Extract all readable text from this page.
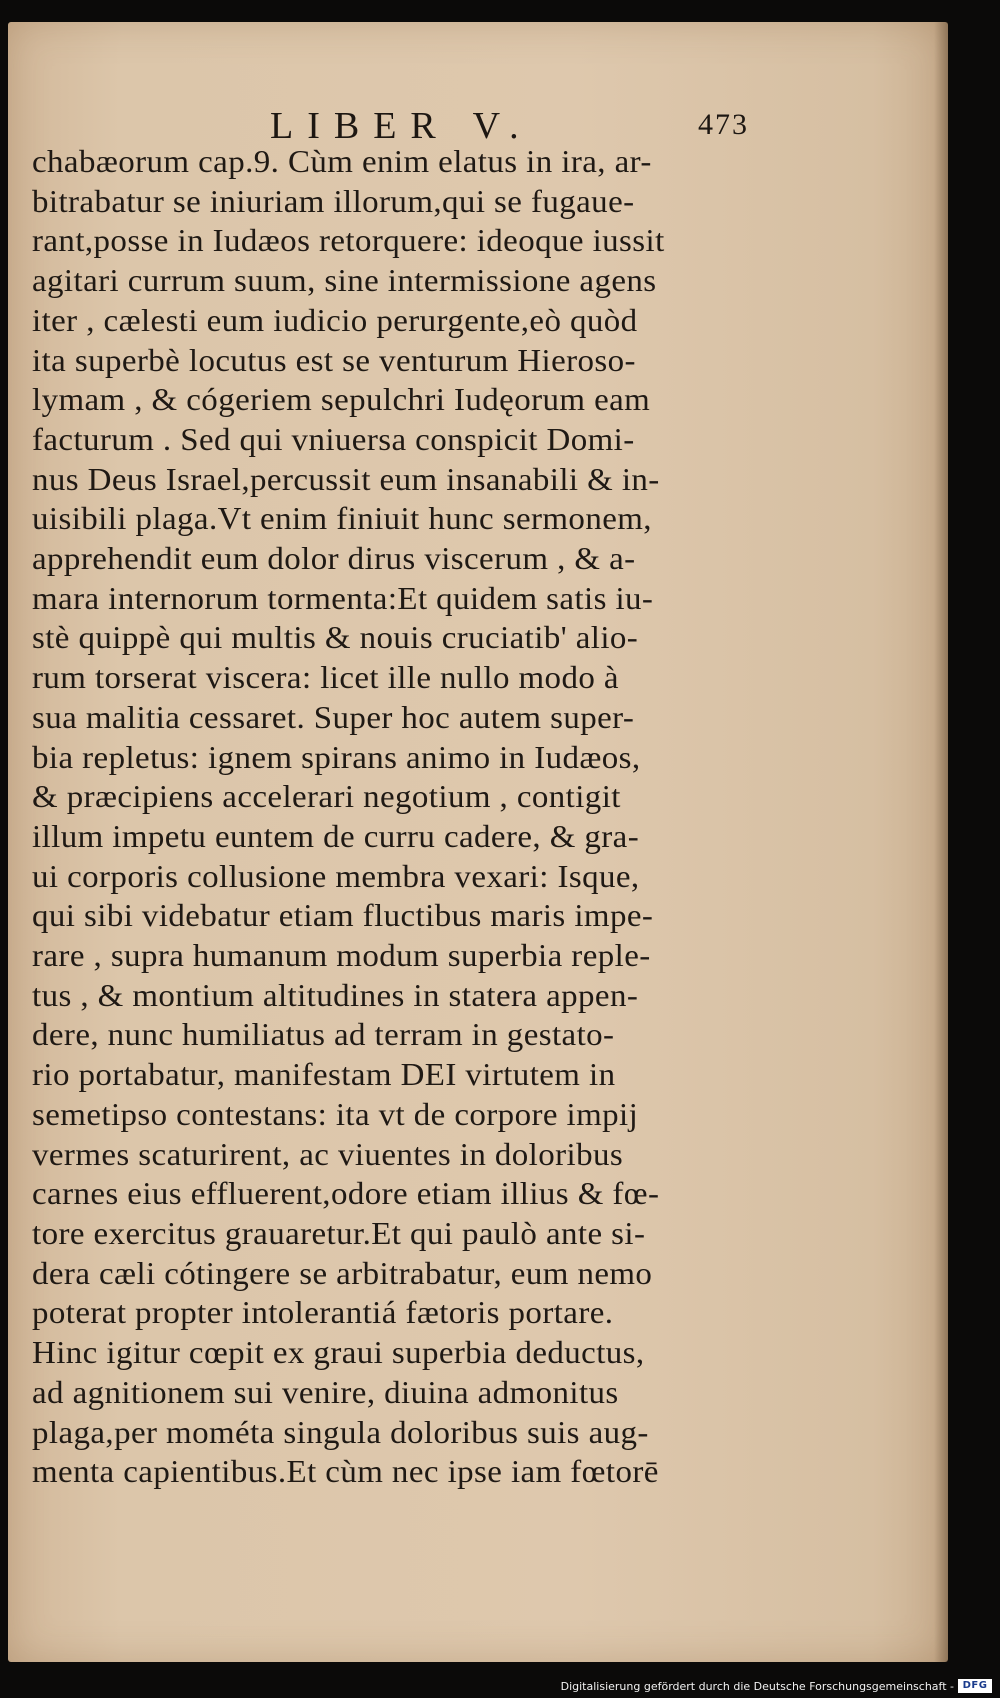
LIBER V.	473
chabæorum cap.9. Cùm enim elatus in ira, ar-
bitrabatur se iniuriam illorum,qui se fugaue-
rant,posse in Iudæos retorquere: ideoque iussit
agitari currum suum, sine intermissione agens
iter , cælesti eum iudicio perurgente,eò quòd
ita superbè locutus est se venturum Hieroso-
lymam , & cógeriem sepulchri Iudęorum eam
facturum . Sed qui vniuersa conspicit Domi-
nus Deus Israel,percussit eum insanabili & in-
uisibili plaga.Vt enim finiuit hunc sermonem,
apprehendit eum dolor dirus viscerum , & a-
mara internorum tormenta:Et quidem satis iu-
stè quippè qui multis & nouis cruciatib' alio-
rum torserat viscera: licet ille nullo modo à
sua malitia cessaret. Super hoc autem super-
bia repletus: ignem spirans animo in Iudæos,
& præcipiens accelerari negotium , contigit
illum impetu euntem de curru cadere, & gra-
ui corporis collusione membra vexari: Isque,
qui sibi videbatur etiam fluctibus maris impe-
rare , supra humanum modum superbia reple-
tus , & montium altitudines in statera appen-
dere, nunc humiliatus ad terram in gestato-
rio portabatur, manifestam DEI virtutem in
semetipso contestans: ita vt de corpore impij
vermes scaturirent, ac viuentes in doloribus
carnes eius effluerent,odore etiam illius & fœ-
tore exercitus grauaretur.Et qui paulò ante si-
dera cæli cótingere se arbitrabatur, eum nemo
poterat propter intolerantiá fætoris portare.
Hinc igitur cœpit ex graui superbia deductus,
ad agnitionem sui venire, diuina admonitus
plaga,per mométa singula doloribus suis aug-
menta capientibus.Et cùm nec ipse iam fœtorē
Digitalisierung gefördert durch die Deutsche Forschungsgemeinschaft - DFG
